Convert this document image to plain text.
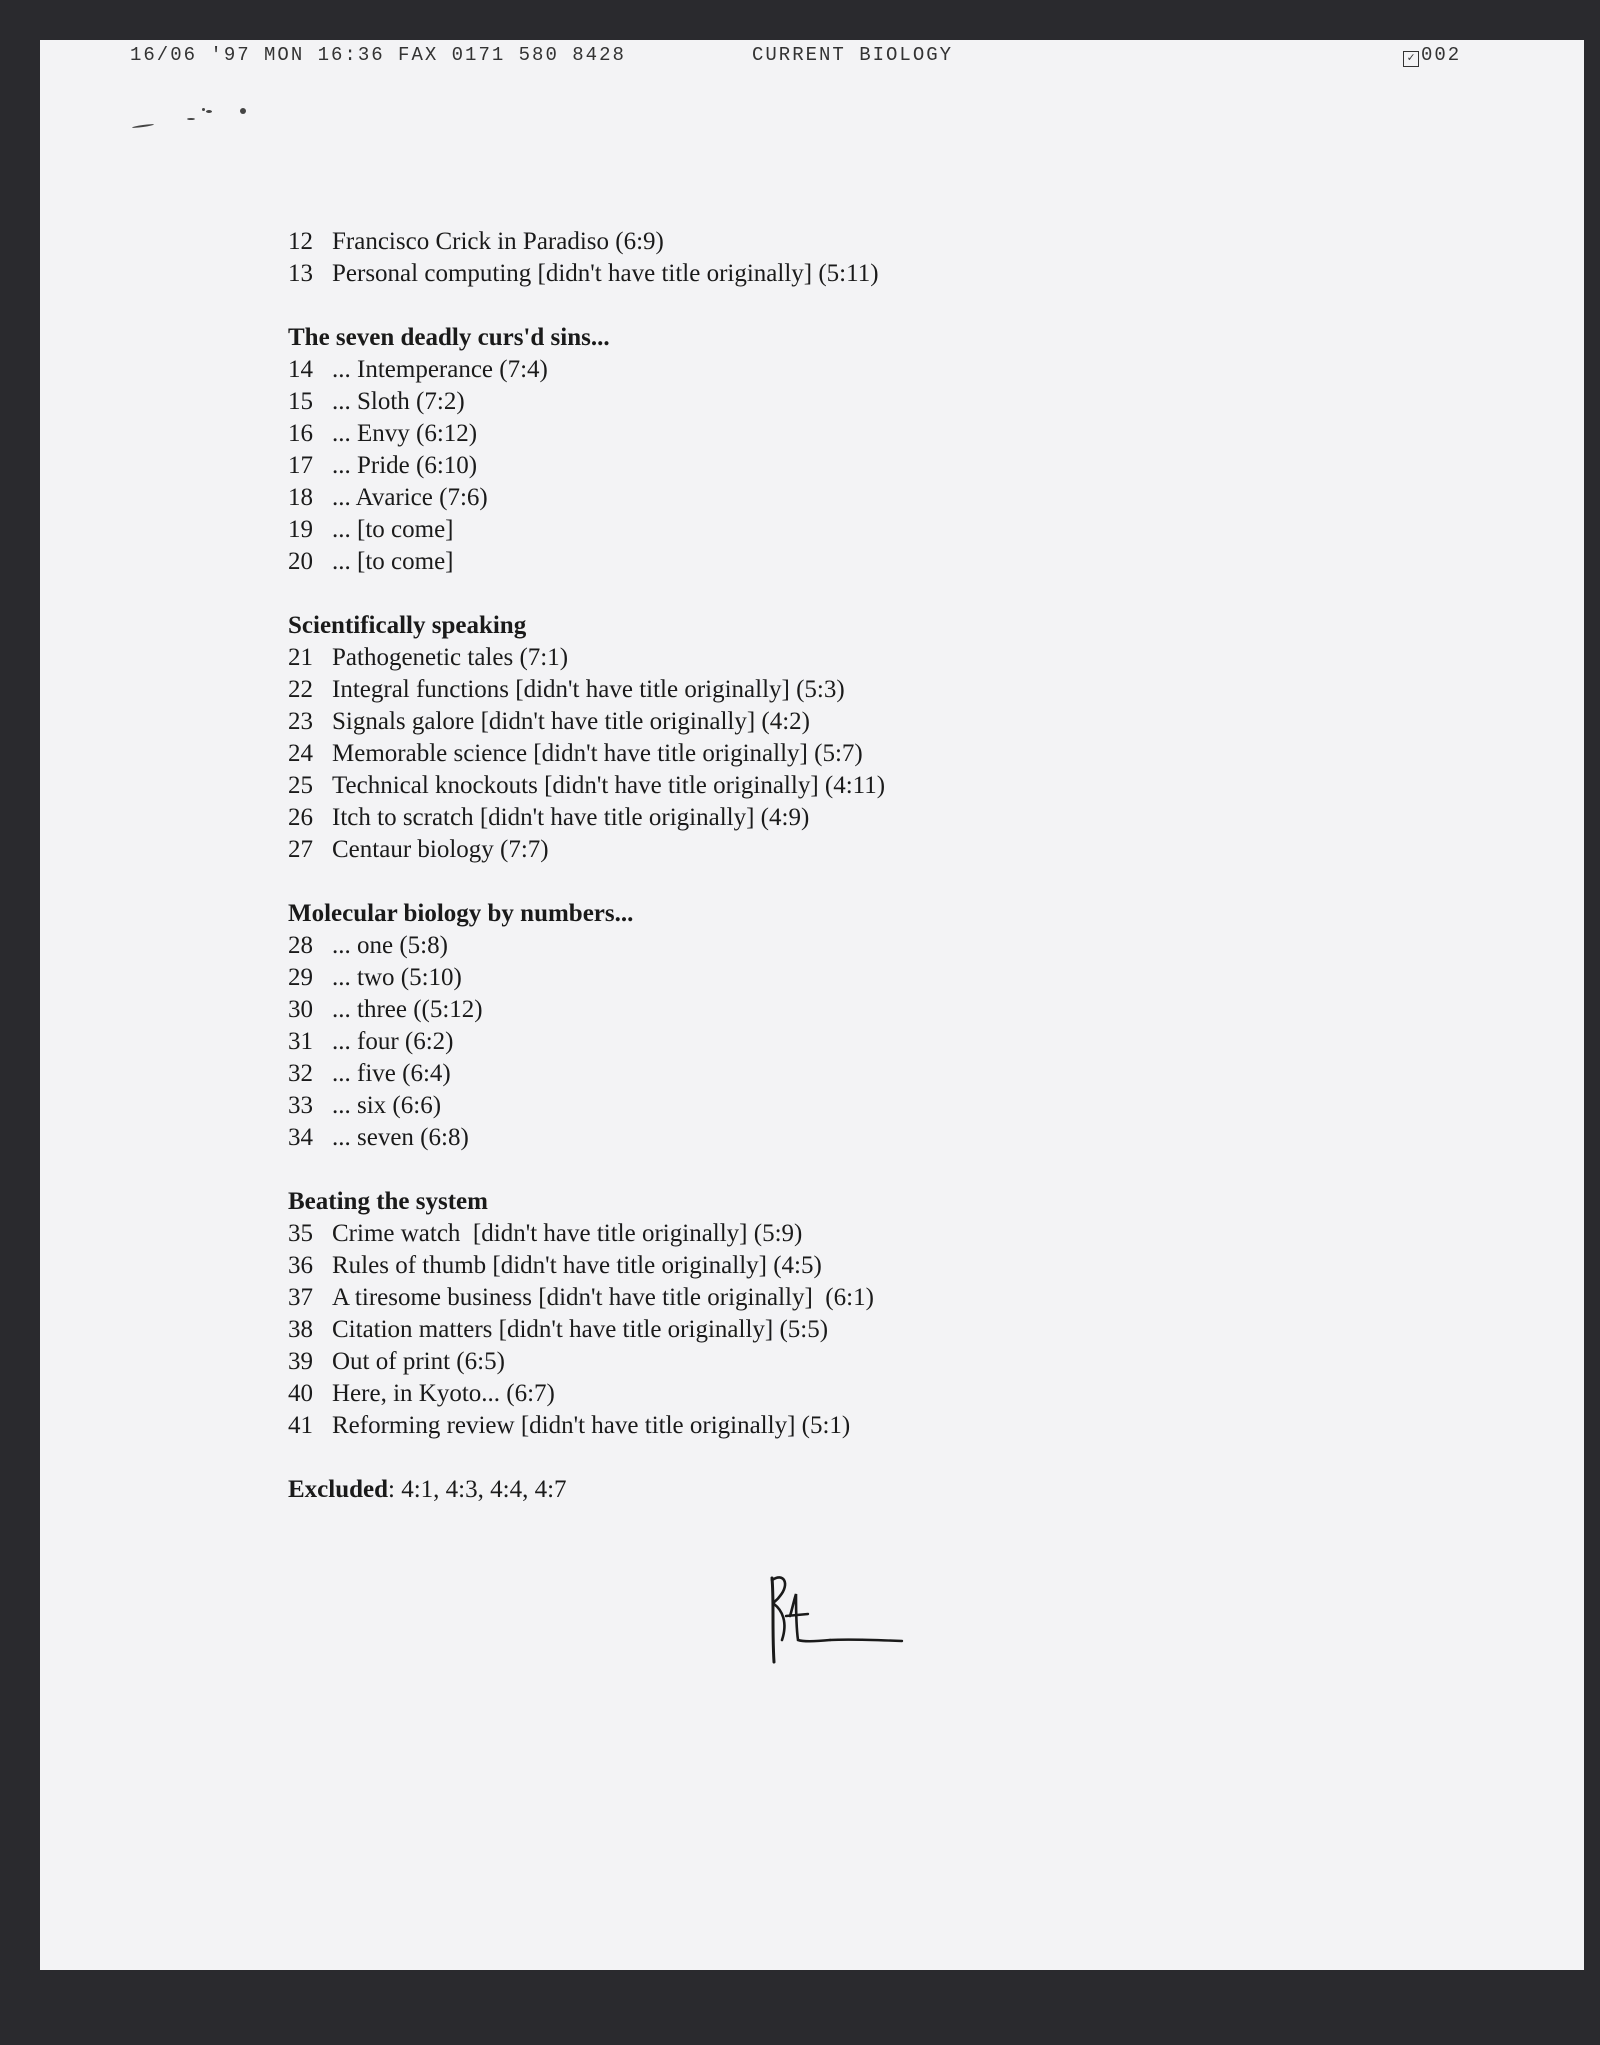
16/06 '97 MON 16:36 FAX 0171 580 8428	CURRENT BIOLOGY	✓ 002
12 Francisco Crick in Paradiso (6:9)
13 Personal computing [didn't have title originally] (5:11)
The seven deadly curs'd sins...
14 ... Intemperance (7:4)
15 ... Sloth (7:2)
16 ... Envy (6:12)
17 ... Pride (6:10)
18 ... Avarice (7:6)
19 ... [to come]
20 ... [to come]
Scientifically speaking
21 Pathogenetic tales (7:1)
22 Integral functions [didn't have title originally] (5:3)
23 Signals galore [didn't have title originally] (4:2)
24 Memorable science [didn't have title originally] (5:7)
25 Technical knockouts [didn't have title originally] (4:11)
26 Itch to scratch [didn't have title originally] (4:9)
27 Centaur biology (7:7)
Molecular biology by numbers...
28 ... one (5:8)
29 ... two (5:10)
30 ... three ((5:12)
31 ... four (6:2)
32 ... five (6:4)
33 ... six (6:6)
34 ... seven (6:8)
Beating the system
35 Crime watch  [didn't have title originally] (5:9)
36 Rules of thumb [didn't have title originally] (4:5)
37 A tiresome business [didn't have title originally]  (6:1)
38 Citation matters [didn't have title originally] (5:5)
39 Out of print (6:5)
40 Here, in Kyoto... (6:7)
41 Reforming review [didn't have title originally] (5:1)
Excluded: 4:1, 4:3, 4:4, 4:7
